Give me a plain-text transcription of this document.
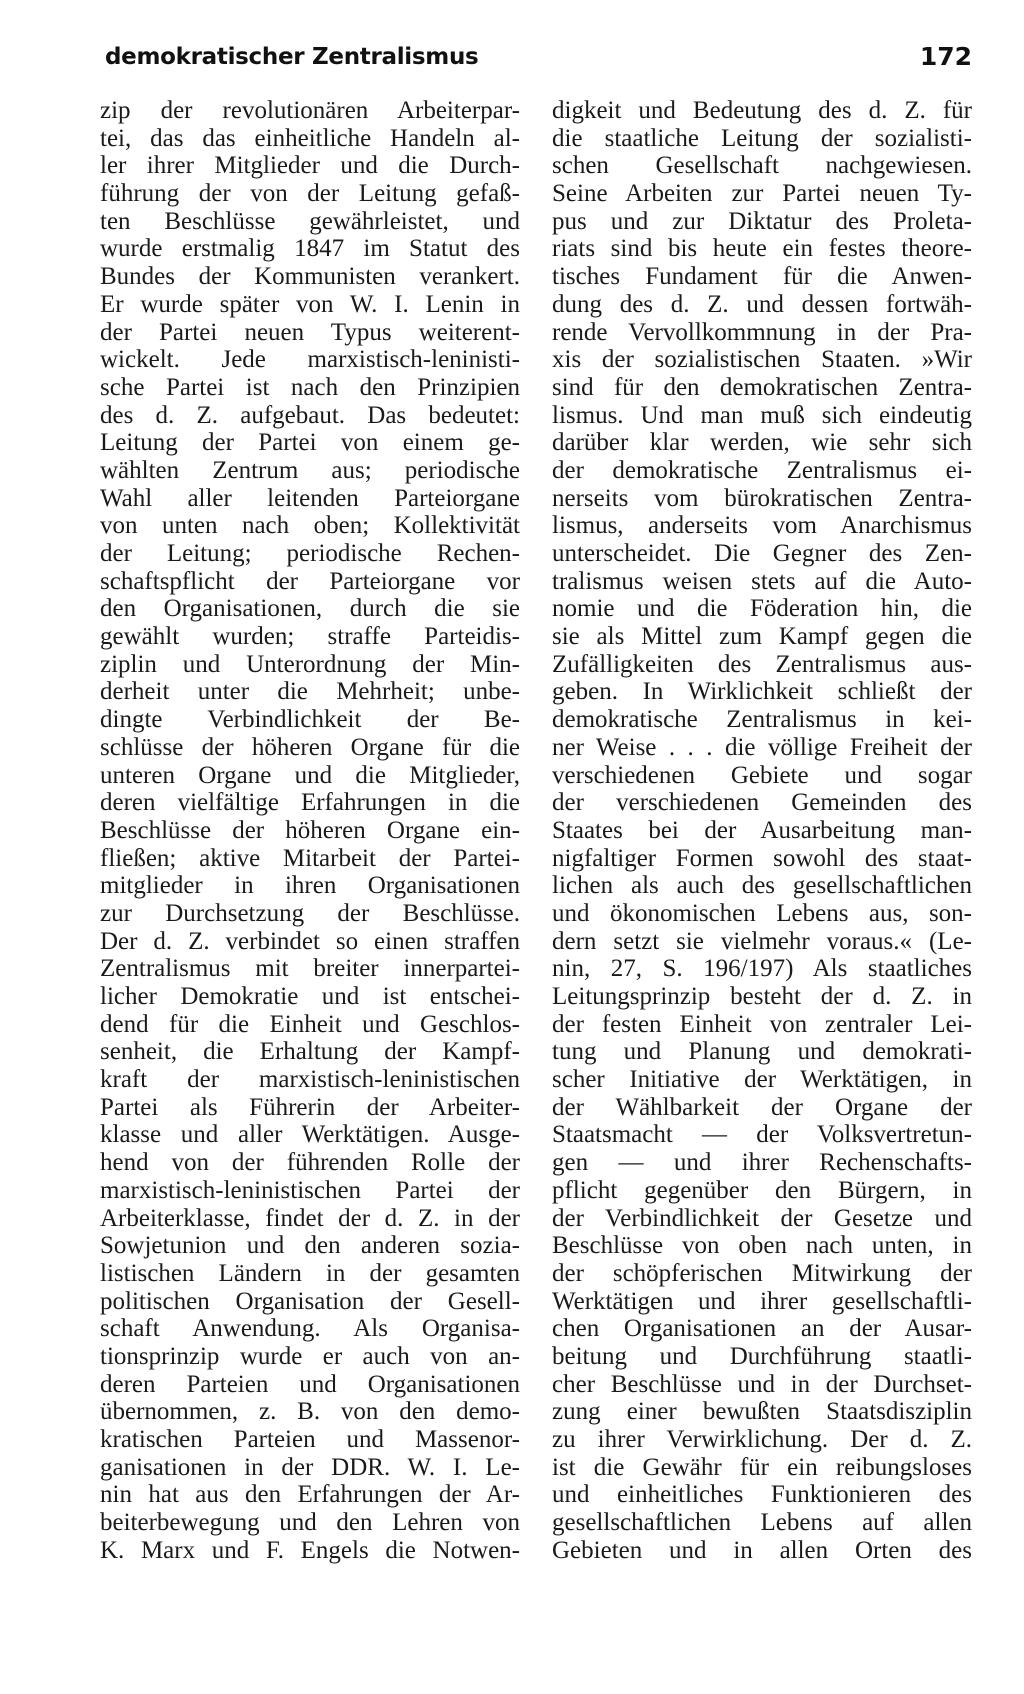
demokratischer Zentralismus	172
zip der revolutionären Arbeiterpar-
tei, das das einheitliche Handeln al-
ler ihrer Mitglieder und die Durch-
führung der von der Leitung gefaß-
ten Beschlüsse gewährleistet, und
wurde erstmalig 1847 im Statut des
Bundes der Kommunisten verankert.
Er wurde später von W. I. Lenin in
der Partei neuen Typus weiterent-
wickelt. Jede marxistisch-leninisti-
sche Partei ist nach den Prinzipien
des d. Z. aufgebaut. Das bedeutet:
Leitung der Partei von einem ge-
wählten Zentrum aus; periodische
Wahl aller leitenden Parteiorgane
von unten nach oben; Kollektivität
der Leitung; periodische Rechen-
schaftspflicht der Parteiorgane vor
den Organisationen, durch die sie
gewählt wurden; straffe Parteidis-
ziplin und Unterordnung der Min-
derheit unter die Mehrheit; unbe-
dingte Verbindlichkeit der Be-
schlüsse der höheren Organe für die
unteren Organe und die Mitglieder,
deren vielfältige Erfahrungen in die
Beschlüsse der höheren Organe ein-
fließen; aktive Mitarbeit der Partei-
mitglieder in ihren Organisationen
zur Durchsetzung der Beschlüsse.
Der d. Z. verbindet so einen straffen
Zentralismus mit breiter innerpartei-
licher Demokratie und ist entschei-
dend für die Einheit und Geschlos-
senheit, die Erhaltung der Kampf-
kraft der marxistisch-leninistischen
Partei als Führerin der Arbeiter-
klasse und aller Werktätigen. Ausge-
hend von der führenden Rolle der
marxistisch-leninistischen Partei der
Arbeiterklasse, findet der d. Z. in der
Sowjetunion und den anderen sozia-
listischen Ländern in der gesamten
politischen Organisation der Gesell-
schaft Anwendung. Als Organisa-
tionsprinzip wurde er auch von an-
deren Parteien und Organisationen
übernommen, z. B. von den demo-
kratischen Parteien und Massenor-
ganisationen in der DDR. W. I. Le-
nin hat aus den Erfahrungen der Ar-
beiterbewegung und den Lehren von
K. Marx und F. Engels die Notwen-
digkeit und Bedeutung des d. Z. für
die staatliche Leitung der sozialisti-
schen Gesellschaft nachgewiesen.
Seine Arbeiten zur Partei neuen Ty-
pus und zur Diktatur des Proleta-
riats sind bis heute ein festes theore-
tisches Fundament für die Anwen-
dung des d. Z. und dessen fortwäh-
rende Vervollkommnung in der Pra-
xis der sozialistischen Staaten. »Wir
sind für den demokratischen Zentra-
lismus. Und man muß sich eindeutig
darüber klar werden, wie sehr sich
der demokratische Zentralismus ei-
nerseits vom bürokratischen Zentra-
lismus, anderseits vom Anarchismus
unterscheidet. Die Gegner des Zen-
tralismus weisen stets auf die Auto-
nomie und die Föderation hin, die
sie als Mittel zum Kampf gegen die
Zufälligkeiten des Zentralismus aus-
geben. In Wirklichkeit schließt der
demokratische Zentralismus in kei-
ner Weise . . . die völlige Freiheit der
verschiedenen Gebiete und sogar
der verschiedenen Gemeinden des
Staates bei der Ausarbeitung man-
nigfaltiger Formen sowohl des staat-
lichen als auch des gesellschaftlichen
und ökonomischen Lebens aus, son-
dern setzt sie vielmehr voraus.« (Le-
nin, 27, S. 196/197) Als staatliches
Leitungsprinzip besteht der d. Z. in
der festen Einheit von zentraler Lei-
tung und Planung und demokrati-
scher Initiative der Werktätigen, in
der Wählbarkeit der Organe der
Staatsmacht — der Volksvertretun-
gen — und ihrer Rechenschafts-
pflicht gegenüber den Bürgern, in
der Verbindlichkeit der Gesetze und
Beschlüsse von oben nach unten, in
der schöpferischen Mitwirkung der
Werktätigen und ihrer gesellschaftli-
chen Organisationen an der Ausar-
beitung und Durchführung staatli-
cher Beschlüsse und in der Durchset-
zung einer bewußten Staatsdisziplin
zu ihrer Verwirklichung. Der d. Z.
ist die Gewähr für ein reibungsloses
und einheitliches Funktionieren des
gesellschaftlichen Lebens auf allen
Gebieten und in allen Orten des
